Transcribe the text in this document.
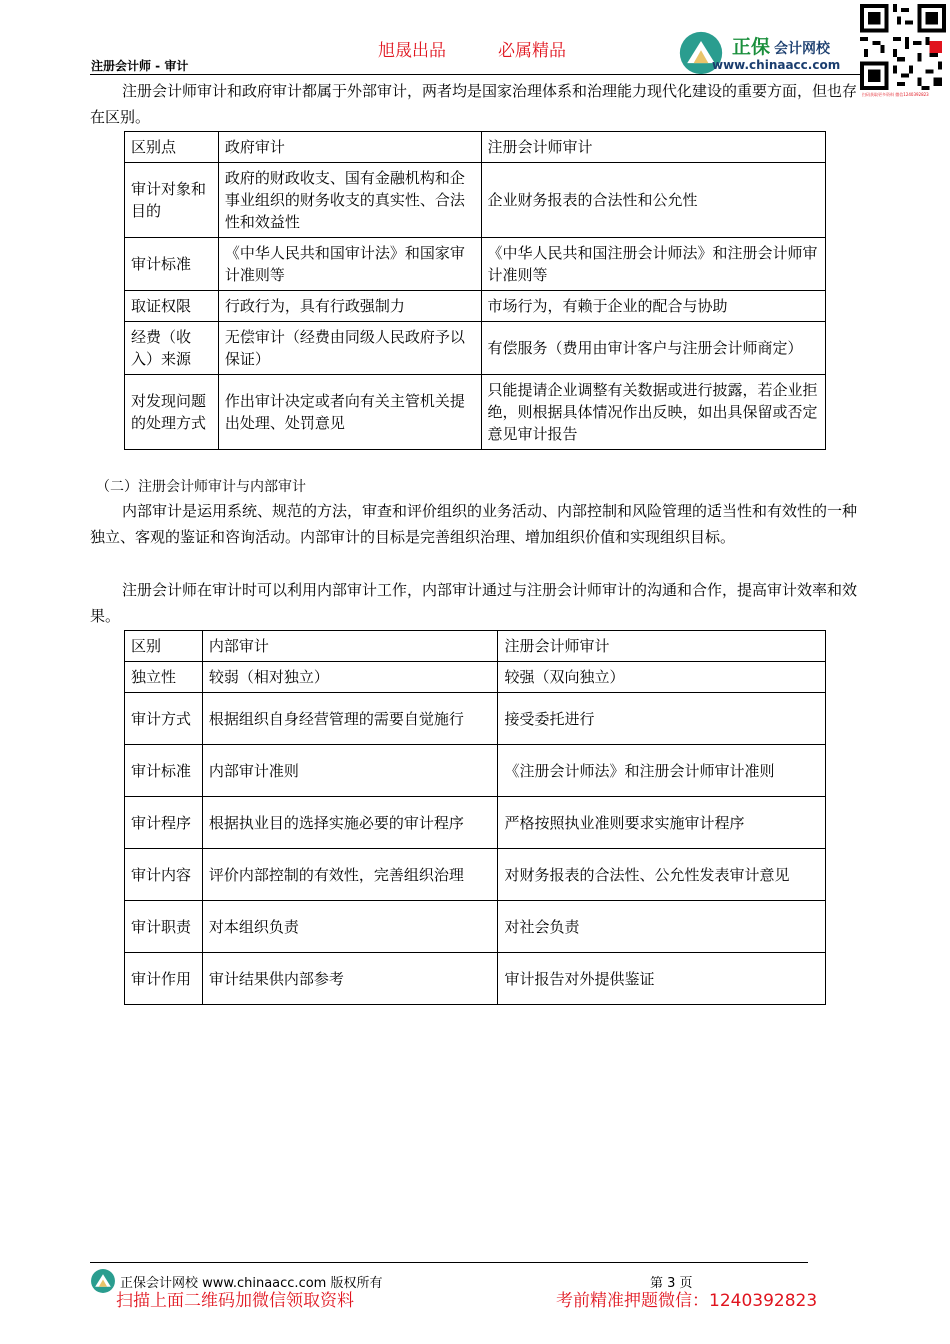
旭晟出品	必属精品
注册会计师 - 审计
正保 会计网校
www.chinaacc.com
扫码获取更多资料 微信1240392823
注册会计师审计和政府审计都属于外部审计，两者均是国家治理体系和治理能力现代化建设的重要方面，但也存在区别。
区别点	政府审计	注册会计师审计
审计对象和目的	政府的财政收支、国有金融机构和企事业组织的财务收支的真实性、合法性和效益性	企业财务报表的合法性和公允性
审计标准	《中华人民共和国审计法》和国家审计准则等	《中华人民共和国注册会计师法》和注册会计师审计准则等
取证权限	行政行为，具有行政强制力	市场行为，有赖于企业的配合与协助
经费（收入）来源	无偿审计（经费由同级人民政府予以保证）	有偿服务（费用由审计客户与注册会计师商定）
对发现问题的处理方式	作出审计决定或者向有关主管机关提出处理、处罚意见	只能提请企业调整有关数据或进行披露，若企业拒绝，则根据具体情况作出反映，如出具保留或否定意见审计报告
（二）注册会计师审计与内部审计
内部审计是运用系统、规范的方法，审查和评价组织的业务活动、内部控制和风险管理的适当性和有效性的一种独立、客观的鉴证和咨询活动。内部审计的目标是完善组织治理、增加组织价值和实现组织目标。
注册会计师在审计时可以利用内部审计工作，内部审计通过与注册会计师审计的沟通和合作，提高审计效率和效果。
区别	内部审计	注册会计师审计
独立性	较弱（相对独立）	较强（双向独立）
审计方式	根据组织自身经营管理的需要自觉施行	接受委托进行
审计标准	内部审计准则	《注册会计师法》和注册会计师审计准则
审计程序	根据执业目的选择实施必要的审计程序	严格按照执业准则要求实施审计程序
审计内容	评价内部控制的有效性，完善组织治理	对财务报表的合法性、公允性发表审计意见
审计职责	对本组织负责	对社会负责
审计作用	审计结果供内部参考	审计报告对外提供鉴证
正保会计网校 www.chinaacc.com 版权所有	第 3 页
扫描上面二维码加微信领取资料	考前精准押题微信：1240392823
